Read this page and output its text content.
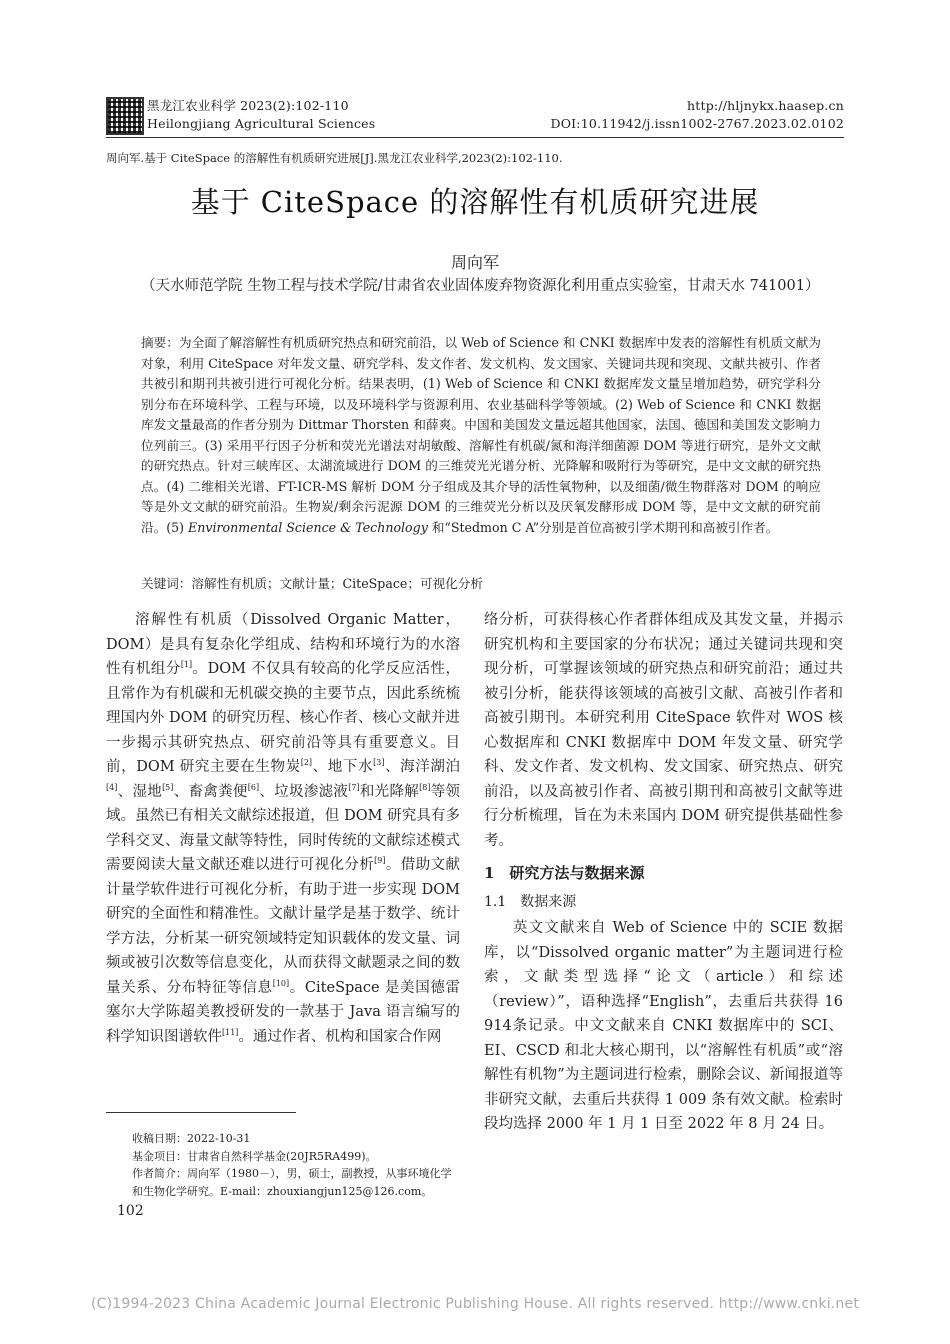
黑龙江农业科学 2023(2):102-110
Heilongjiang Agricultural Sciences
http://hljnykx.haasep.cn
DOI:10.11942/j.issn1002-2767.2023.02.0102
周向军.基于 CiteSpace 的溶解性有机质研究进展[J].黑龙江农业科学,2023(2):102-110.
基于 CiteSpace 的溶解性有机质研究进展
周向军
（天水师范学院 生物工程与技术学院/甘肃省农业固体废弃物资源化利用重点实验室，甘肃天水 741001）
摘要：为全面了解溶解性有机质研究热点和研究前沿，以 Web of Science 和 CNKI 数据库中发表的溶解性有机质文献为对象，利用 CiteSpace 对年发文量、研究学科、发文作者、发文机构、发文国家、关键词共现和突现、文献共被引、作者共被引和期刊共被引进行可视化分析。结果表明，(1) Web of Science 和 CNKI 数据库发文量呈增加趋势，研究学科分别分布在环境科学、工程与环境，以及环境科学与资源利用、农业基础科学等领域。(2) Web of Science 和 CNKI 数据库发文量最高的作者分别为 Dittmar Thorsten 和薛爽。中国和美国发文量远超其他国家，法国、德国和美国发文影响力位列前三。(3) 采用平行因子分析和荧光光谱法对胡敏酸、溶解性有机碳/氮和海洋细菌源 DOM 等进行研究，是外文文献的研究热点。针对三峡库区、太湖流域进行 DOM 的三维荧光光谱分析、光降解和吸附行为等研究，是中文文献的研究热点。(4) 二维相关光谱、FT-ICR-MS 解析 DOM 分子组成及其介导的活性氧物种，以及细菌/微生物群落对 DOM 的响应等是外文文献的研究前沿。生物炭/剩余污泥源 DOM 的三维荧光分析以及厌氧发酵形成 DOM 等，是中文文献的研究前沿。(5) Environmental Science & Technology 和“Stedmon C A”分别是首位高被引学术期刊和高被引作者。
关键词：溶解性有机质；文献计量；CiteSpace；可视化分析
溶解性有机质（Dissolved Organic Matter，DOM）是具有复杂化学组成、结构和环境行为的水溶性有机组分[1]。DOM 不仅具有较高的化学反应活性，且常作为有机碳和无机碳交换的主要节点，因此系统梳理国内外 DOM 的研究历程、核心作者、核心文献并进一步揭示其研究热点、研究前沿等具有重要意义。目前，DOM 研究主要在生物炭[2]、地下水[3]、海洋湖泊[4]、湿地[5]、畜禽粪便[6]、垃圾渗滤液[7]和光降解[8]等领域。虽然已有相关文献综述报道，但 DOM 研究具有多学科交叉、海量文献等特性，同时传统的文献综述模式需要阅读大量文献还难以进行可视化分析[9]。借助文献计量学软件进行可视化分析，有助于进一步实现 DOM 研究的全面性和精准性。文献计量学是基于数学、统计学方法，分析某一研究领域特定知识载体的发文量、词频或被引次数等信息变化，从而获得文献题录之间的数量关系、分布特征等信息[10]。CiteSpace 是美国德雷塞尔大学陈超美教授研发的一款基于 Java 语言编写的科学知识图谱软件[11]。通过作者、机构和国家合作网
络分析，可获得核心作者群体组成及其发文量，并揭示研究机构和主要国家的分布状况；通过关键词共现和突现分析，可掌握该领域的研究热点和研究前沿；通过共被引分析，能获得该领域的高被引文献、高被引作者和高被引期刊。本研究利用 CiteSpace 软件对 WOS 核心数据库和 CNKI 数据库中 DOM 年发文量、研究学科、发文作者、发文机构、发文国家、研究热点、研究前沿，以及高被引作者、高被引期刊和高被引文献等进行分析梳理，旨在为未来国内 DOM 研究提供基础性参考。
1　研究方法与数据来源
1.1　数据来源
英文文献来自 Web of Science 中的 SCIE 数据库，以“Dissolved organic matter”为主题词进行检索，文献类型选择“论文（article）和综述（review）”，语种选择“English”，去重后共获得 16 914条记录。中文文献来自 CNKI 数据库中的 SCI、EI、CSCD 和北大核心期刊，以“溶解性有机质”或“溶解性有机物”为主题词进行检索，删除会议、新闻报道等非研究文献，去重后共获得 1 009 条有效文献。检索时段均选择 2000 年 1 月 1 日至 2022 年 8 月 24 日。
收稿日期：2022-10-31
基金项目：甘肃省自然科学基金(20JR5RA499)。
作者简介：周向军（1980－），男，硕士，副教授，从事环境化学和生物化学研究。E-mail：zhouxiangjun125@126.com。
102
(C)1994-2023 China Academic Journal Electronic Publishing House. All rights reserved. http://www.cnki.net
